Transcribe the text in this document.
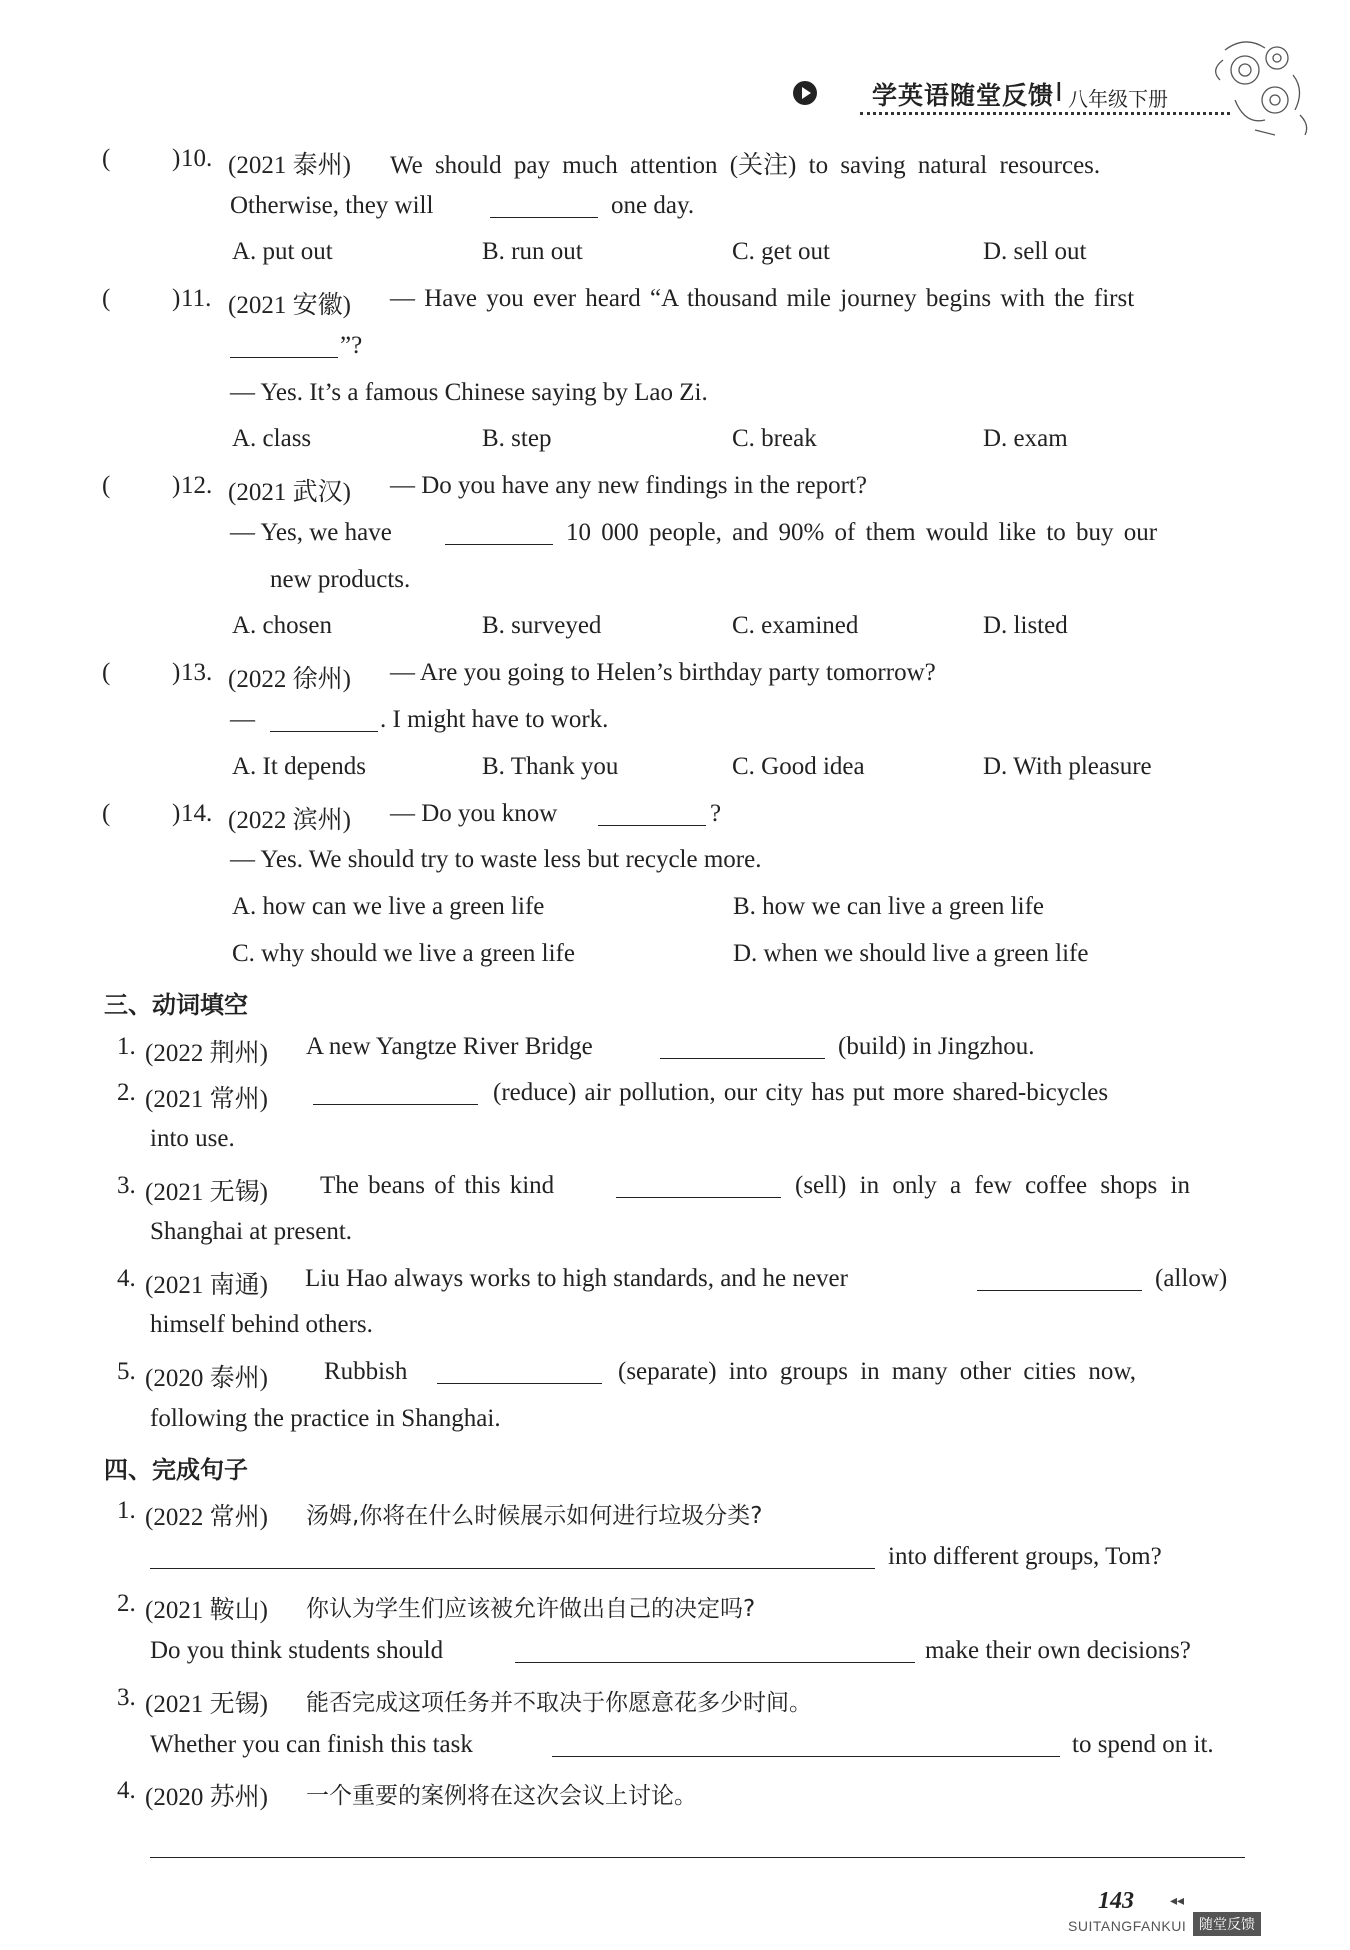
学英语随堂反馈 I 八年级下册
( ) 10. (2021 泰州) We should pay much attention (关注) to saving natural resources.
Otherwise, they will	one day.
A. put out	B. run out	C. get out	D. sell out
( ) 11. (2021 安徽) — Have you ever heard “A thousand mile journey begins with the first
”?
— Yes. It’s a famous Chinese saying by Lao Zi.
A. class	B. step	C. break	D. exam
( ) 12. (2021 武汉) — Do you have any new findings in the report?
— Yes, we have	10 000 people, and 90% of them would like to buy our
new products.
A. chosen	B. surveyed	C. examined	D. listed
( ) 13. (2022 徐州) — Are you going to Helen’s birthday party tomorrow?
—	. I might have to work.
A. It depends	B. Thank you	C. Good idea	D. With pleasure
( ) 14. (2022 滨州) — Do you know	?
— Yes. We should try to waste less but recycle more.
A. how can we live a green life	B. how we can live a green life
C. why should we live a green life	D. when we should live a green life
三、动词填空
1. (2022 荆州) A new Yangtze River Bridge	(build) in Jingzhou.
2. (2021 常州)	(reduce) air pollution, our city has put more shared-bicycles
into use.
3. (2021 无锡) The beans of this kind	(sell) in only a few coffee shops in
Shanghai at present.
4. (2021 南通) Liu Hao always works to high standards, and he never	(allow)
himself behind others.
5. (2020 泰州) Rubbish	(separate) into groups in many other cities now,
following the practice in Shanghai.
四、完成句子
1. (2022 常州) 汤姆,你将在什么时候展示如何进行垃圾分类?
into different groups, Tom?
2. (2021 鞍山) 你认为学生们应该被允许做出自己的决定吗?
Do you think students should	make their own decisions?
3. (2021 无锡) 能否完成这项任务并不取决于你愿意花多少时间。
Whether you can finish this task	to spend on it.
4. (2020 苏州) 一个重要的案例将在这次会议上讨论。
143	◂◂
SUITANGFANKUI 随堂反馈
